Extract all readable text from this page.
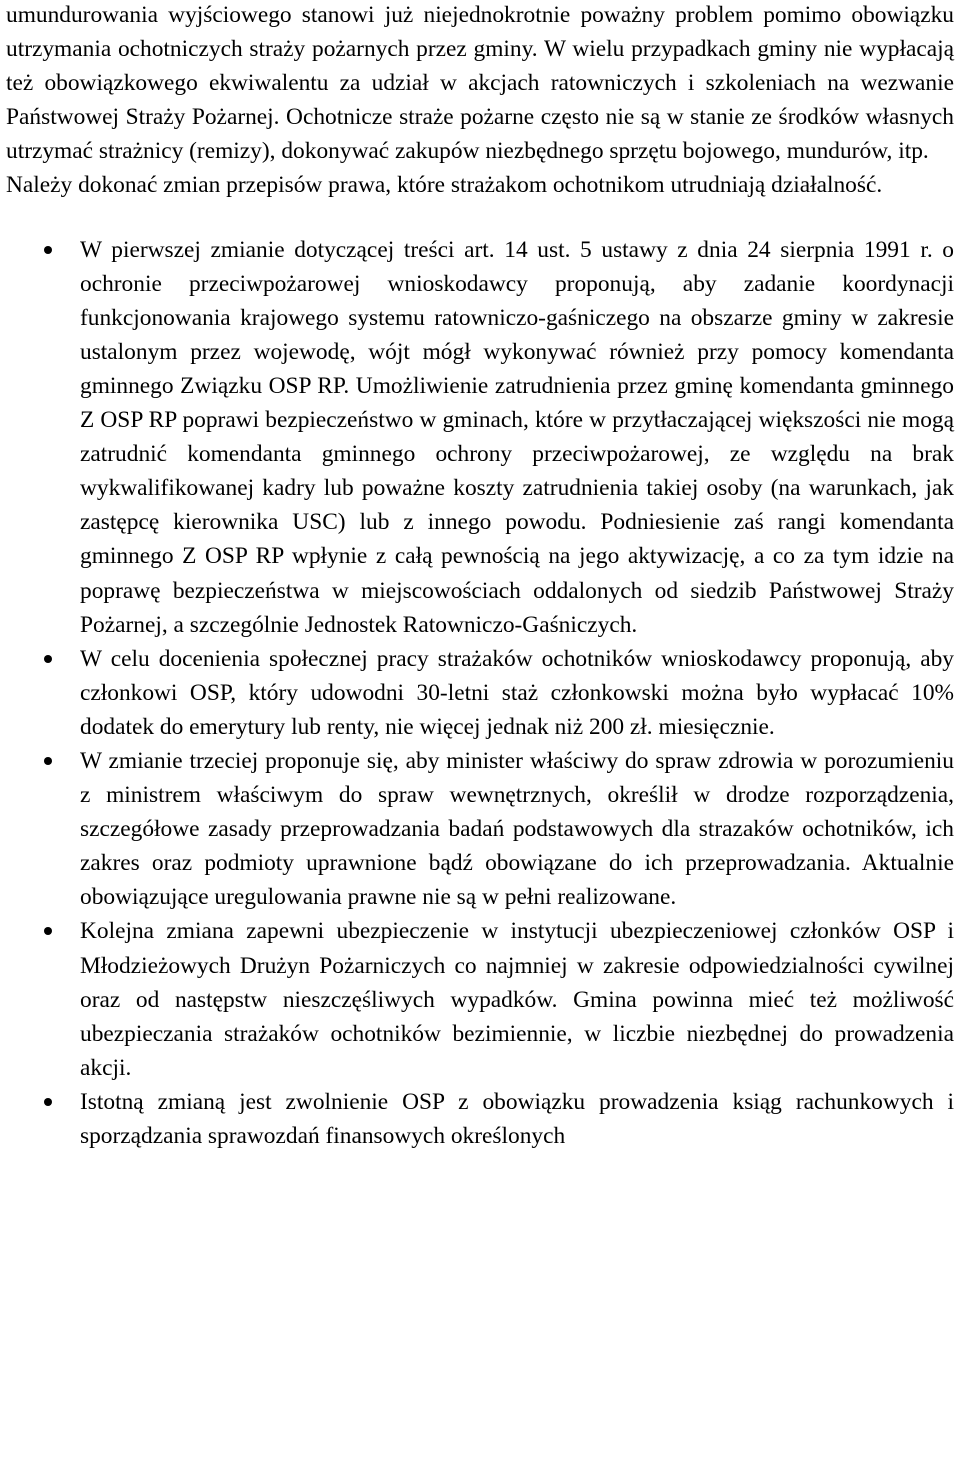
umundurowania wyjściowego stanowi już niejednokrotnie poważny problem pomimo obowiązku utrzymania ochotniczych straży pożarnych przez gminy. W wielu przypadkach gminy nie wypłacają też obowiązkowego ekwiwalentu za udział w akcjach ratowniczych i szkoleniach na wezwanie Państwowej Straży Pożarnej. Ochotnicze straże pożarne często nie są w stanie ze środków własnych utrzymać strażnicy (remizy), dokonywać zakupów niezbędnego sprzętu bojowego, mundurów, itp.

Należy dokonać zmian przepisów prawa, które strażakom ochotnikom utrudniają działalność.

W pierwszej zmianie dotyczącej treści art. 14 ust. 5 ustawy z dnia 24 sierpnia 1991 r. o ochronie przeciwpożarowej wnioskodawcy proponują, aby zadanie koordynacji funkcjonowania krajowego systemu ratowniczo-gaśniczego na obszarze gminy w zakresie ustalonym przez wojewodę, wójt mógł wykonywać również przy pomocy komendanta gminnego Związku OSP RP. Umożliwienie zatrudnienia przez gminę komendanta gminnego Z OSP RP poprawi bezpieczeństwo w gminach, które w przytłaczającej większości nie mogą zatrudnić komendanta gminnego ochrony przeciwpożarowej, ze względu na brak wykwalifikowanej kadry lub poważne koszty zatrudnienia takiej osoby (na warunkach, jak zastępcę kierownika USC) lub z innego powodu. Podniesienie zaś rangi komendanta gminnego Z OSP RP wpłynie z całą pewnością na jego aktywizację, a co za tym idzie na poprawę bezpieczeństwa w miejscowościach oddalonych od siedzib Państwowej Straży Pożarnej, a szczególnie Jednostek Ratowniczo-Gaśniczych.
W celu docenienia społecznej pracy strażaków ochotników wnioskodawcy proponują, aby członkowi OSP, który udowodni 30-letni staż członkowski można było wypłacać 10% dodatek do emerytury lub renty, nie więcej jednak niż 200 zł. miesięcznie.
W zmianie trzeciej proponuje się, aby minister właściwy do spraw zdrowia w porozumieniu z ministrem właściwym do spraw wewnętrznych, określił w drodze rozporządzenia, szczegółowe zasady przeprowadzania badań podstawowych dla strazaków ochotników, ich zakres oraz podmioty uprawnione bądź obowiązane do ich przeprowadzania. Aktualnie obowiązujące uregulowania prawne nie są w pełni realizowane.
Kolejna zmiana zapewni ubezpieczenie w instytucji ubezpieczeniowej członków OSP i Młodzieżowych Drużyn Pożarniczych co najmniej w zakresie odpowiedzialności cywilnej oraz od następstw nieszczęśliwych wypadków. Gmina powinna mieć też możliwość ubezpieczania strażaków ochotników bezimiennie, w liczbie niezbędnej do prowadzenia akcji.
Istotną zmianą jest zwolnienie OSP z obowiązku prowadzenia ksiąg rachunkowych i sporządzania sprawozdań finansowych określonych
